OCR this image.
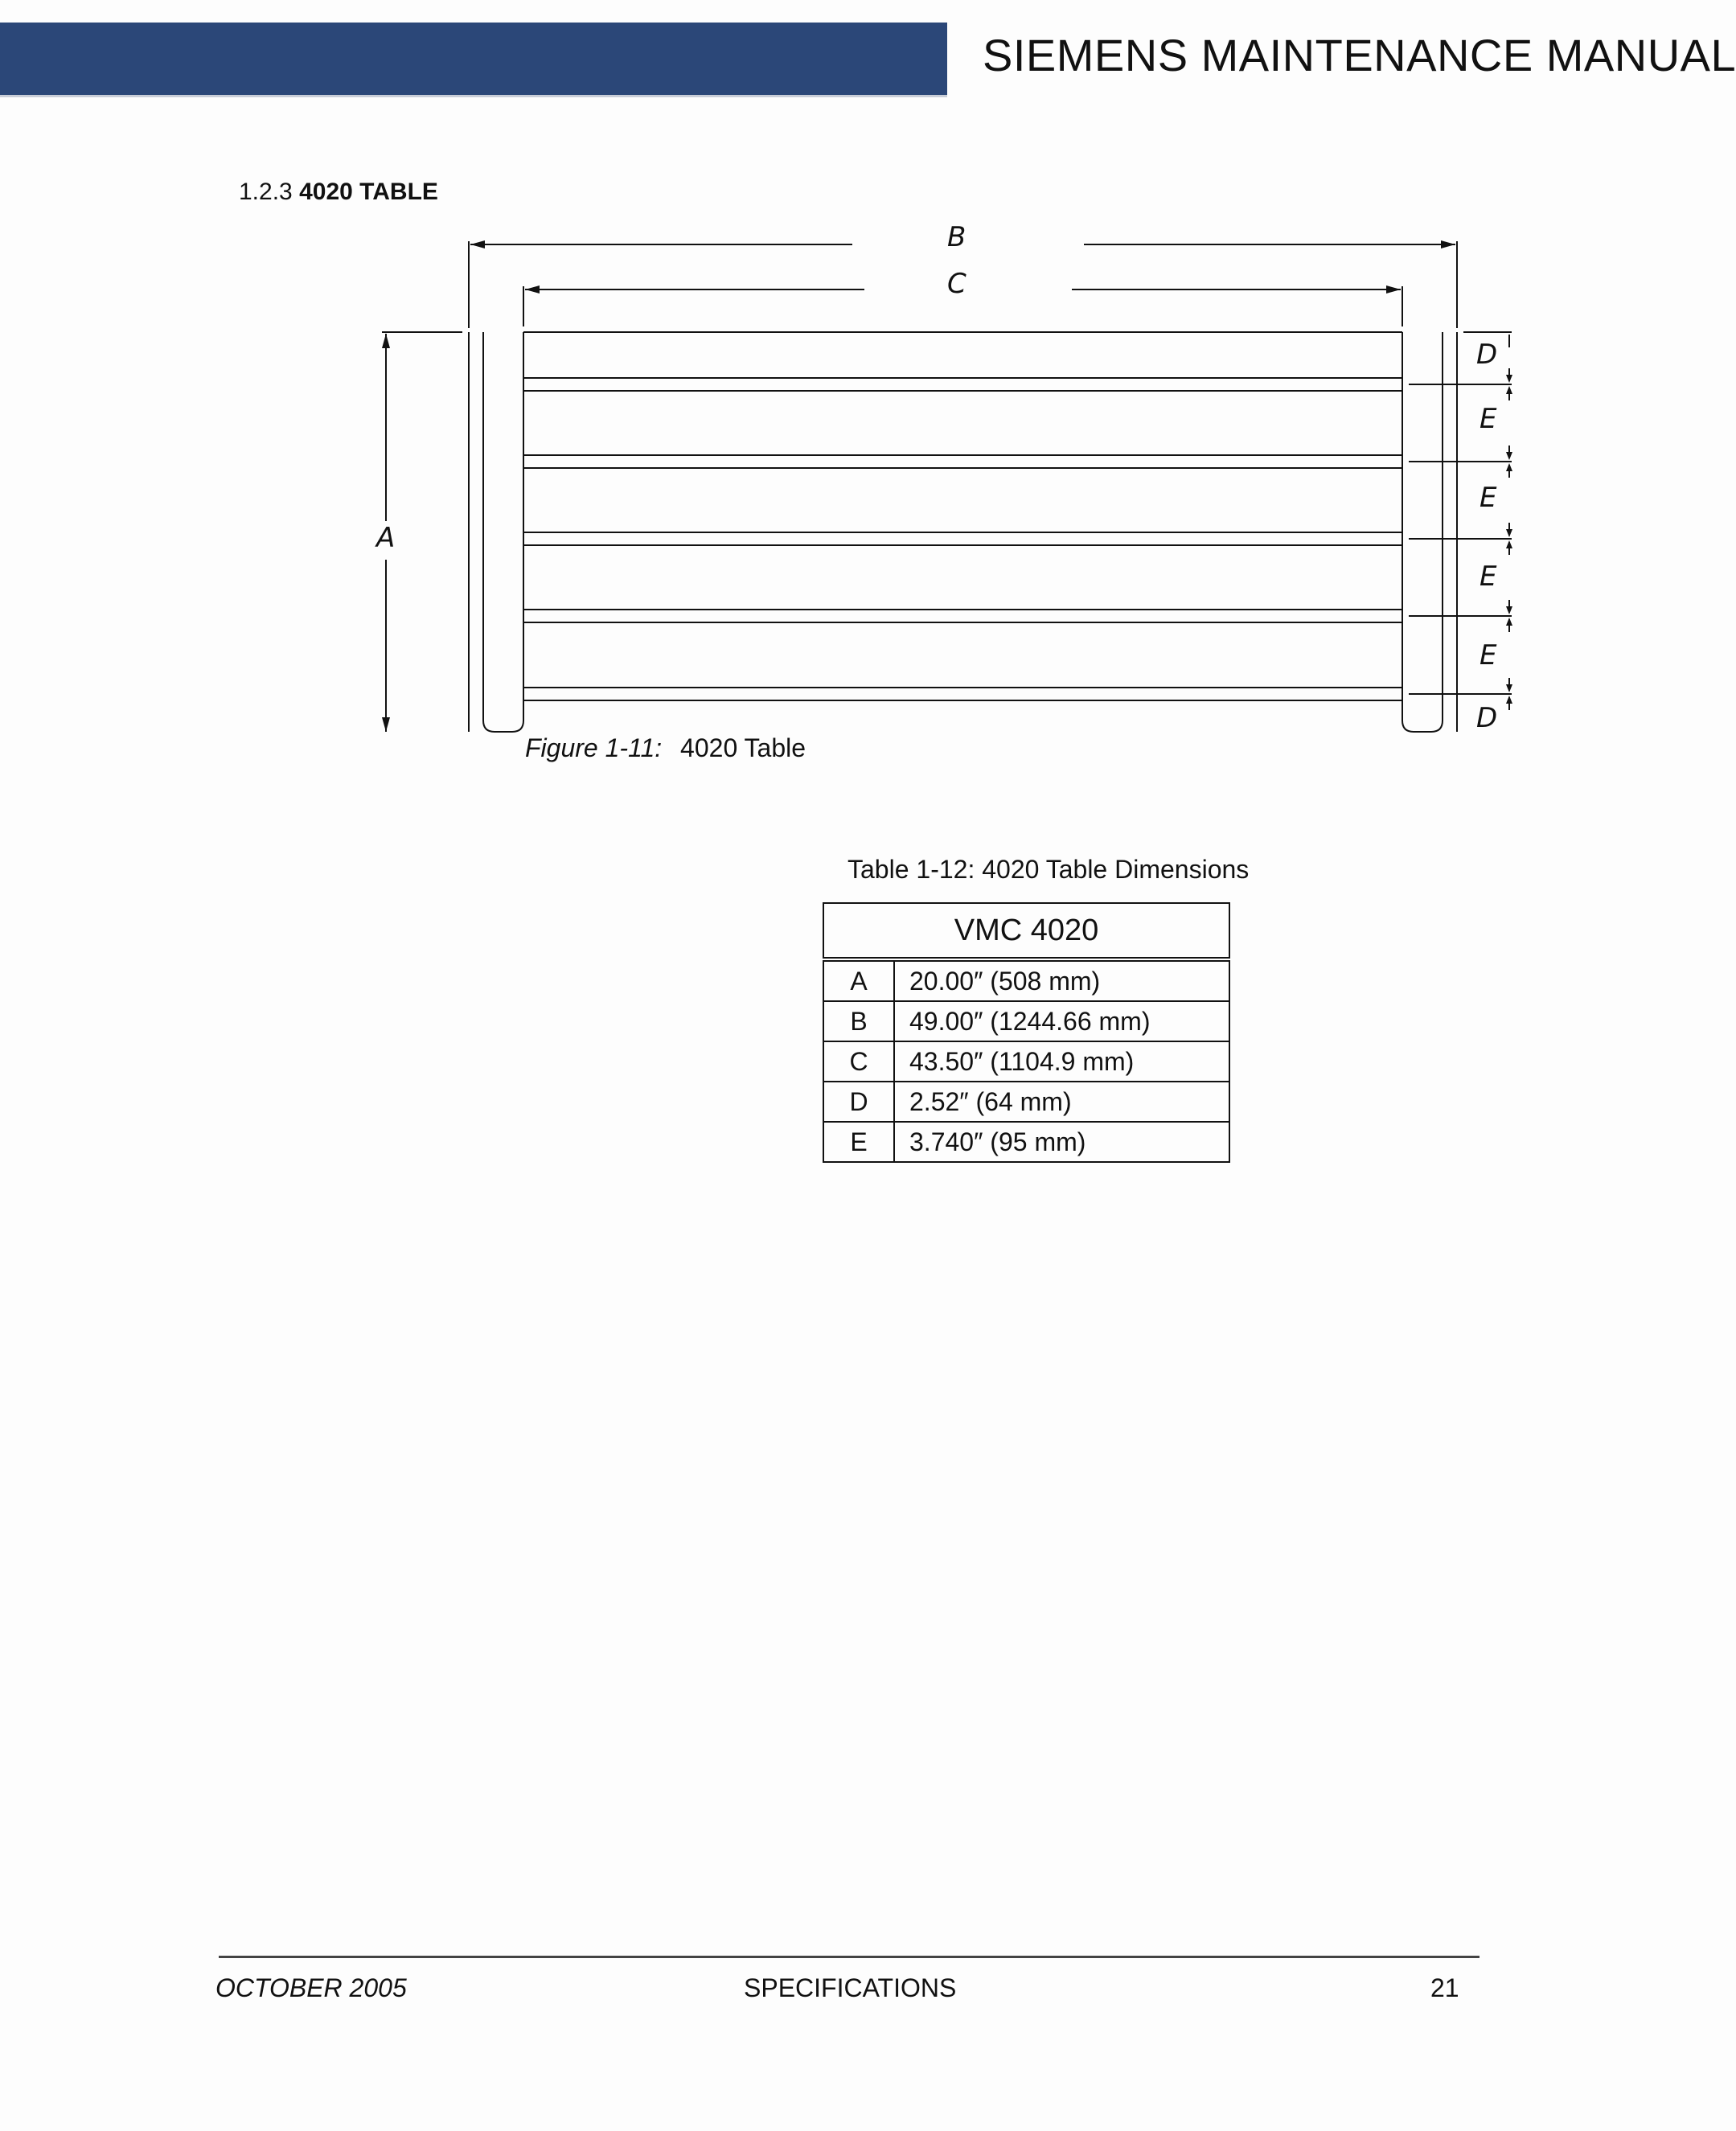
SIEMENS MAINTENANCE MANUAL
1.2.3 4020 TABLE
B
C
A
D
E
E
E
E
D
Figure 1-11: 4020 Table
Table 1-12: 4020 Table Dimensions
VMC 4020	
A	20.00″ (508 mm)
B	49.00″ (1244.66 mm)
C	43.50″ (1104.9 mm)
D	2.52″ (64 mm)
E	3.740″ (95 mm)
OCTOBER 2005	SPECIFICATIONS	21
